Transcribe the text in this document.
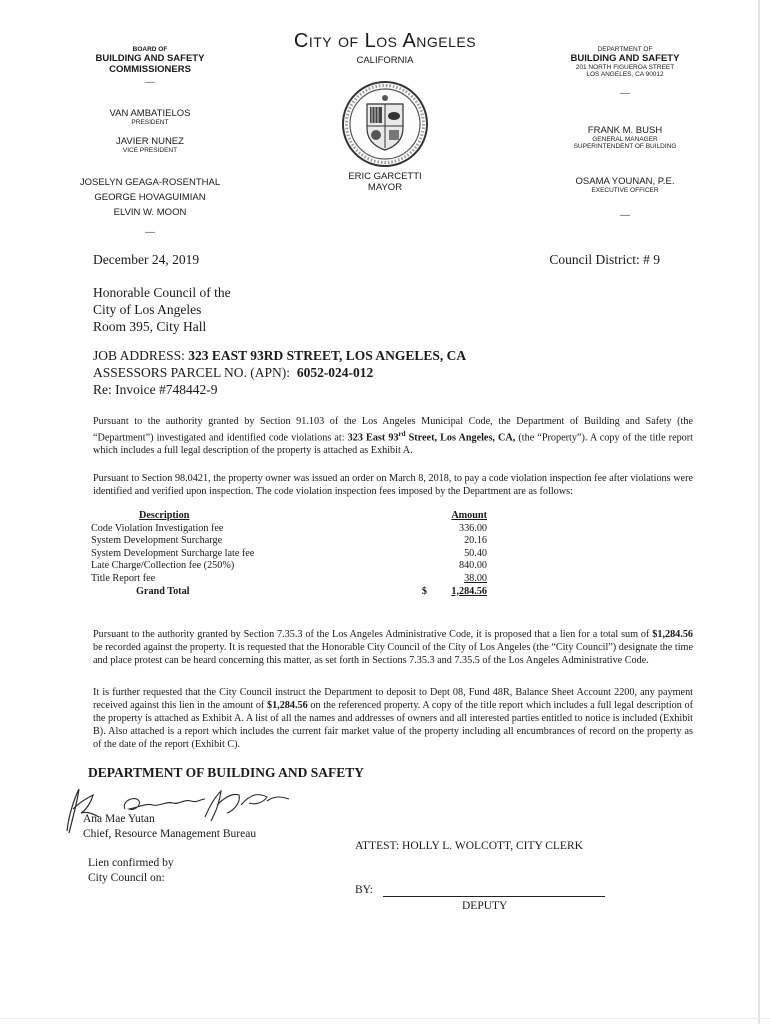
City of Los Angeles
CALIFORNIA
BOARD OF
BUILDING AND SAFETY
COMMISSIONERS
—
VAN AMBATIELOS
PRESIDENT
JAVIER NUNEZ
VICE PRESIDENT
JOSELYN GEAGA-ROSENTHAL
GEORGE HOVAGUIMIAN
ELVIN W. MOON
—
ERIC GARCETTI
MAYOR
DEPARTMENT OF
BUILDING AND SAFETY
201 NORTH FIGUEROA STREET
LOS ANGELES, CA 90012
—
FRANK M. BUSH
GENERAL MANAGER
SUPERINTENDENT OF BUILDING
OSAMA YOUNAN, P.E.
EXECUTIVE OFFICER
—
December 24, 2019	Council District: # 9
Honorable Council of the
City of Los Angeles
Room 395, City Hall
JOB ADDRESS: 323 EAST 93RD STREET, LOS ANGELES, CA
ASSESSORS PARCEL NO. (APN): 6052-024-012
Re: Invoice #748442-9
Pursuant to the authority granted by Section 91.103 of the Los Angeles Municipal Code, the Department of Building and Safety (the “Department”) investigated and identified code violations at: 323 East 93rd Street, Los Angeles, CA, (the “Property”). A copy of the title report which includes a full legal description of the property is attached as Exhibit A.
Pursuant to Section 98.0421, the property owner was issued an order on March 8, 2018, to pay a code violation inspection fee after violations were identified and verified upon inspection. The code violation inspection fees imposed by the Department are as follows:
Description		Amount
Code Violation Investigation fee		336.00
System Development Surcharge		20.16
System Development Surcharge late fee		50.40
Late Charge/Collection fee (250%)		840.00
Title Report fee		38.00
Grand Total	$	1,284.56
Pursuant to the authority granted by Section 7.35.3 of the Los Angeles Administrative Code, it is proposed that a lien for a total sum of $1,284.56 be recorded against the property. It is requested that the Honorable City Council of the City of Los Angeles (the “City Council”) designate the time and place protest can be heard concerning this matter, as set forth in Sections 7.35.3 and 7.35.5 of the Los Angeles Administrative Code.
It is further requested that the City Council instruct the Department to deposit to Dept 08, Fund 48R, Balance Sheet Account 2200, any payment received against this lien in the amount of $1,284.56 on the referenced property. A copy of the title report which includes a full legal description of the property is attached as Exhibit A. A list of all the names and addresses of owners and all interested parties entitled to notice is included (Exhibit B). Also attached is a report which includes the current fair market value of the property including all encumbrances of record on the property as of the date of the report (Exhibit C).
DEPARTMENT OF BUILDING AND SAFETY
Ana Mae Yutan
Chief, Resource Management Bureau
ATTEST: HOLLY L. WOLCOTT, CITY CLERK
Lien confirmed by
City Council on:
BY:
DEPUTY
